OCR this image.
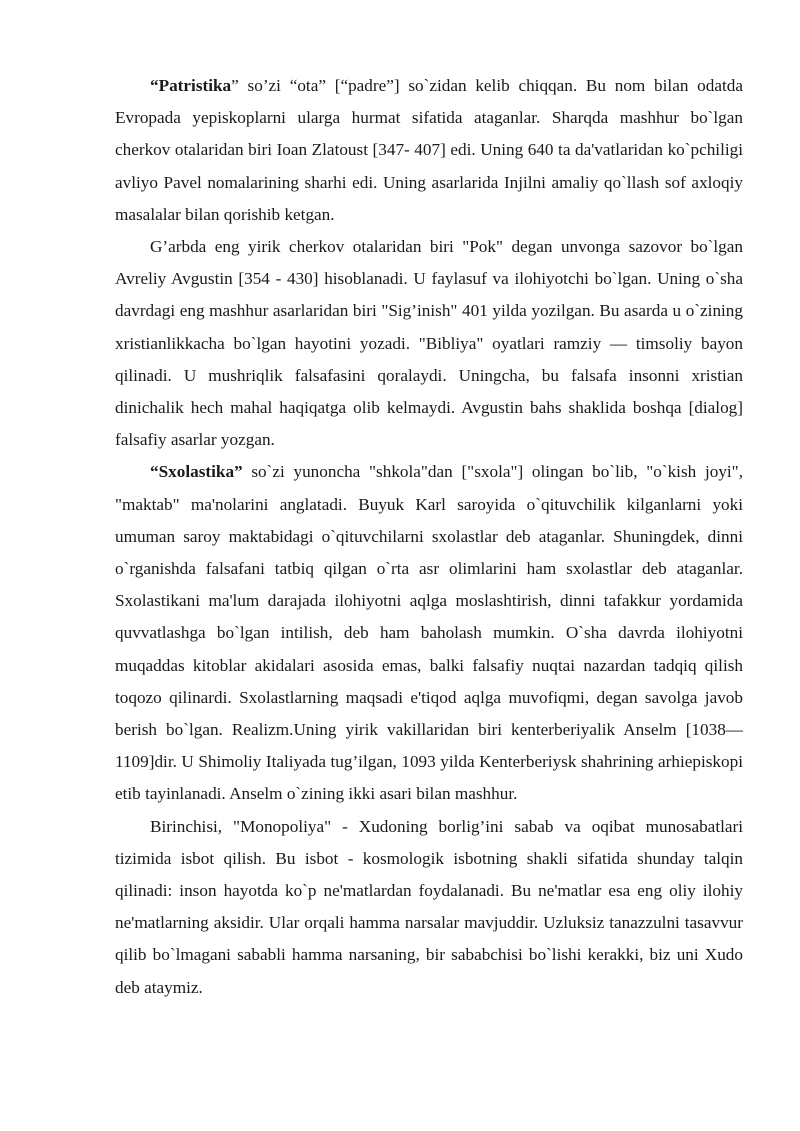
“Patristika” so’zi “ota” [“padre”] so`zidan kelib chiqqan. Bu nom bilan odatda Evropada yepiskoplarni ularga hurmat sifatida ataganlar. Sharqda mashhur bo`lgan cherkov otalaridan biri Ioan Zlatoust [347- 407] edi. Uning 640 ta da'vatlaridan ko`pchiligi avliyo Pavel nomalarining sharhi edi. Uning asarlarida Injilni amaliy qo`llash sof axloqiy masalalar bilan qorishib ketgan.

G’arbda eng yirik cherkov otalaridan biri "Pok" degan unvonga sazovor bo`lgan Avreliy Avgustin [354 - 430] hisoblanadi. U faylasuf va ilohiyotchi bo`lgan. Uning o`sha davrdagi eng mashhur asarlaridan biri "Sig’inish" 401 yilda yozilgan. Bu asarda u o`zining xristianlikkacha bo`lgan hayotini yozadi. "Bibliya" oyatlari ramziy — timsoliy bayon qilinadi. U mushriqlik falsafasini qoralaydi. Uningcha, bu falsafa insonni xristian dinichalik hech mahal haqiqatga olib kelmaydi. Avgustin bahs shaklida boshqa [dialog] falsafiy asarlar yozgan.

“Sxolastika” so`zi yunoncha "shkola"dan ["sxola"] olingan bo`lib, "o`kish joyi", "maktab" ma'nolarini anglatadi. Buyuk Karl saroyida o`qituvchilik kilganlarni yoki umuman saroy maktabidagi o`qituvchilarni sxolastlar deb ataganlar. Shuningdek, dinni o`rganishda falsafani tatbiq qilgan o`rta asr olimlarini ham sxolastlar deb ataganlar. Sxolastikani ma'lum darajada ilohiyotni aqlga moslashtirish, dinni tafakkur yordamida quvvatlashga bo`lgan intilish, deb ham baholash mumkin. O`sha davrda ilohiyotni muqaddas kitoblar akidalari asosida emas, balki falsafiy nuqtai nazardan tadqiq qilish toqozo qilinardi. Sxolastlarning maqsadi e'tiqod aqlga muvofiqmi, degan savolga javob berish bo`lgan. Realizm.Uning yirik vakillaridan biri kenterberiyalik Anselm [1038— 1109]dir. U Shimoliy Italiyada tug’ilgan, 1093 yilda Kenterberiysk shahrining arhiepiskopi etib tayinlanadi. Anselm o`zining ikki asari bilan mashhur.

Birinchisi, "Monopoliya" - Xudoning borlig’ini sabab va oqibat munosabatlari tizimida isbot qilish. Bu isbot - kosmologik isbotning shakli sifatida shunday talqin qilinadi: inson hayotda ko`p ne'matlardan foydalanadi. Bu ne'matlar esa eng oliy ilohiy ne'matlarning aksidir. Ular orqali hamma narsalar mavjuddir. Uzluksiz tanazzulni tasavvur qilib bo`lmagani sababli hamma narsaning, bir sababchisi bo`lishi kerakki, biz uni Xudo deb ataymiz.
